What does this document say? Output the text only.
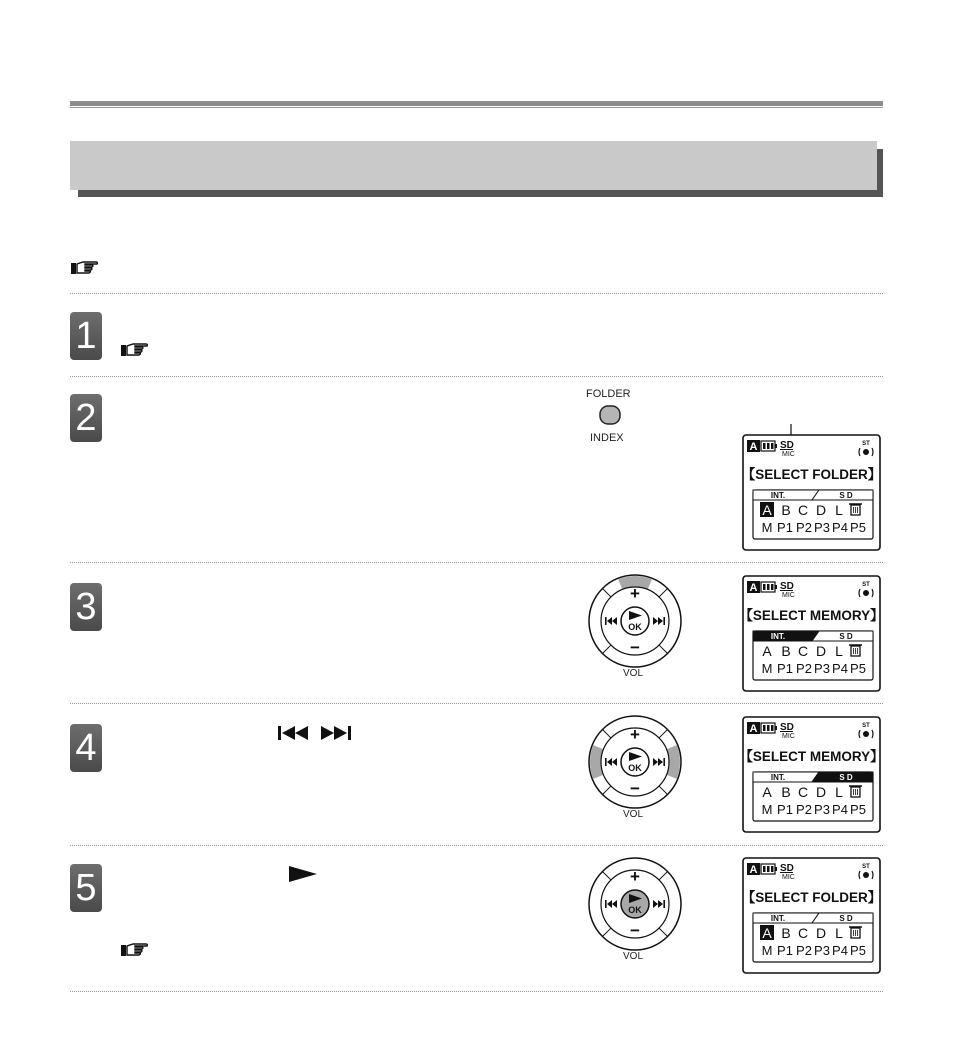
1
2
FOLDER
INDEX
A SD
MIC
ST
【SELECT FOLDER】
INT.	S D
A B C D L
M P1 P2 P3 P4 P5
3	OK
+
−
VOL
A SD
MIC
ST
【SELECT MEMORY】
INT.	S D
A B C D L
M P1 P2 P3 P4 P5
4	OK
+
−
VOL
A SD
MIC
ST
【SELECT MEMORY】
INT.	S D
A B C D L
M P1 P2 P3 P4 P5
5
OK
+
−
VOL
A SD
MIC
ST
【SELECT FOLDER】
INT.	S D
A B C D L
M P1 P2 P3 P4 P5
